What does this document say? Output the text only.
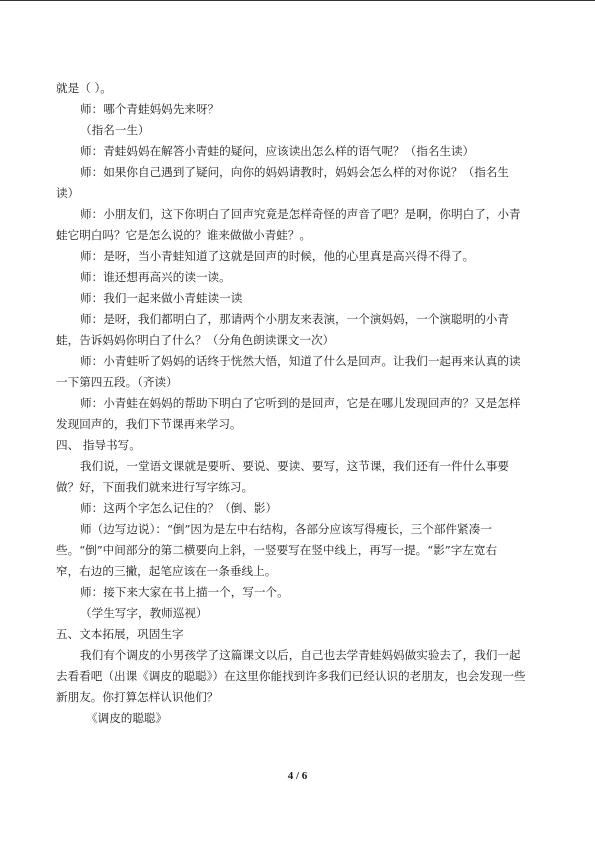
就是（ ）。
师：哪个青蛙妈妈先来呀？
（指名一生）
师：青蛙妈妈在解答小青蛙的疑问，应该读出怎么样的语气呢？（指名生读）
师：如果你自己遇到了疑问，向你的妈妈请教时，妈妈会怎么样的对你说？（指名生
读）
师：小朋友们，这下你明白了回声究竟是怎样奇怪的声音了吧？是啊，你明白了，小青
蛙它明白吗？它是怎么说的？谁来做做小青蛙？。
师：是呀，当小青蛙知道了这就是回声的时候，他的心里真是高兴得不得了。
师：谁还想再高兴的读一读。
师：我们一起来做小青蛙读一读
师：是呀，我们都明白了，那请两个小朋友来表演，一个演妈妈，一个演聪明的小青
蛙，告诉妈妈你明白了什么？（分角色朗读课文一次）
师：小青蛙听了妈妈的话终于恍然大悟，知道了什么是回声。让我们一起再来认真的读
一下第四五段。（齐读）
师：小青蛙在妈妈的帮助下明白了它听到的是回声，它是在哪儿发现回声的？又是怎样
发现回声的，我们下节课再来学习。
四、 指导书写。
我们说，一堂语文课就是要听、要说、要读、要写，这节课，我们还有一件什么事要
做？好，下面我们就来进行写字练习。
师：这两个字怎么记住的？（倒、影）
师（边写边说）：“倒”因为是左中右结构，各部分应该写得瘦长，三个部件紧凑一
些。“倒”中间部分的第二横要向上斜，一竖要写在竖中线上，再写一提。“影”字左宽右
窄，右边的三撇，起笔应该在一条垂线上。
师：接下来大家在书上描一个，写一个。
（学生写字，教师巡视）
五、文本拓展，巩固生字
我们有个调皮的小男孩学了这篇课文以后，自己也去学青蛙妈妈做实验去了，我们一起
去看看吧（出课《调皮的聪聪》）在这里你能找到许多我们已经认识的老朋友，也会发现一些
新朋友。你打算怎样认识他们？
《调皮的聪聪》
4 / 6
